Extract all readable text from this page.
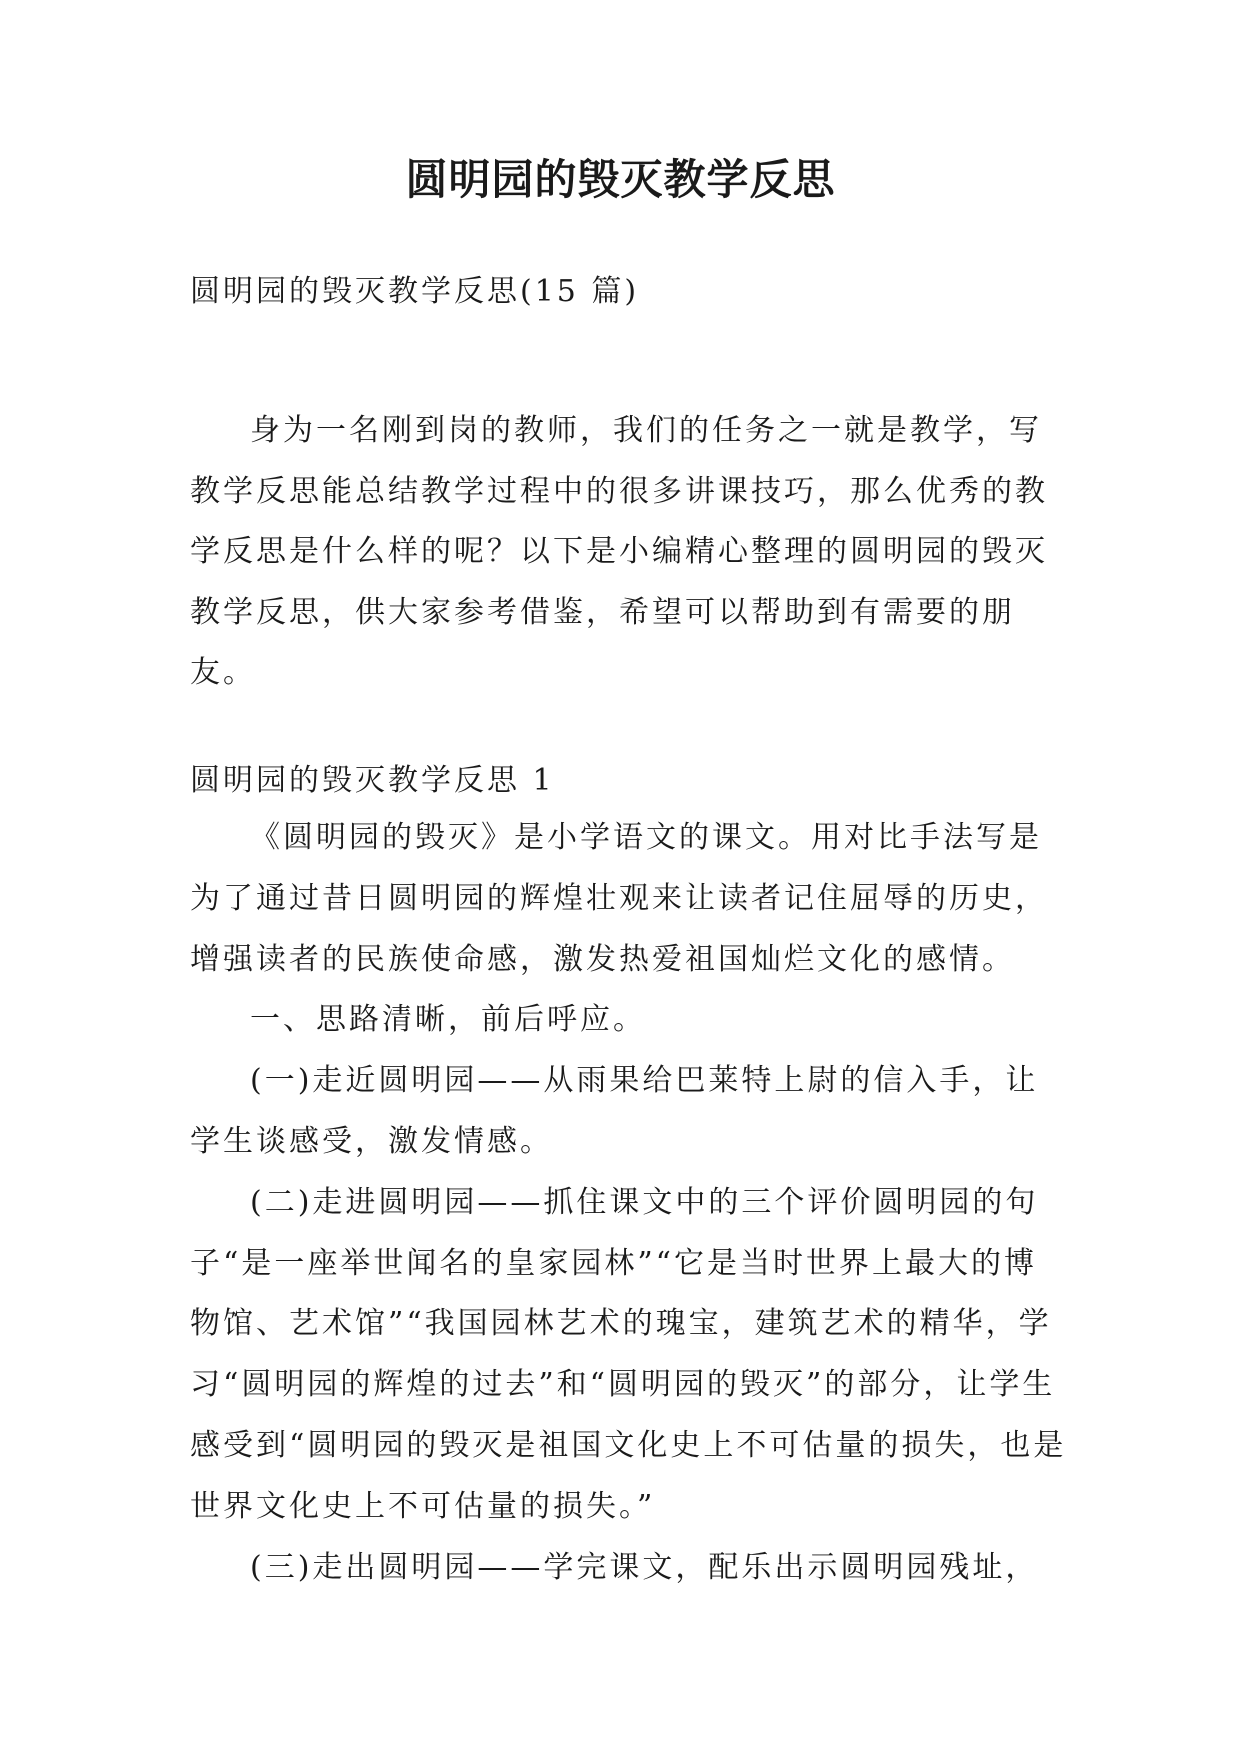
圆明园的毁灭教学反思

圆明园的毁灭教学反思(15 篇)

身为一名刚到岗的教师，我们的任务之一就是教学，写教学反思能总结教学过程中的很多讲课技巧，那么优秀的教学反思是什么样的呢？以下是小编精心整理的圆明园的毁灭教学反思，供大家参考借鉴，希望可以帮助到有需要的朋友。

圆明园的毁灭教学反思 1

《圆明园的毁灭》是小学语文的课文。用对比手法写是为了通过昔日圆明园的辉煌壮观来让读者记住屈辱的历史，增强读者的民族使命感，激发热爱祖国灿烂文化的感情。

一、思路清晰，前后呼应。

(一)走近圆明园——从雨果给巴莱特上尉的信入手，让学生谈感受，激发情感。

(二)走进圆明园——抓住课文中的三个评价圆明园的句子“是一座举世闻名的皇家园林”“它是当时世界上最大的博物馆、艺术馆”“我国园林艺术的瑰宝，建筑艺术的精华，学习“圆明园的辉煌的过去”和“圆明园的毁灭”的部分，让学生感受到“圆明园的毁灭是祖国文化史上不可估量的损失，也是世界文化史上不可估量的损失。”

(三)走出圆明园——学完课文，配乐出示圆明园残址，
